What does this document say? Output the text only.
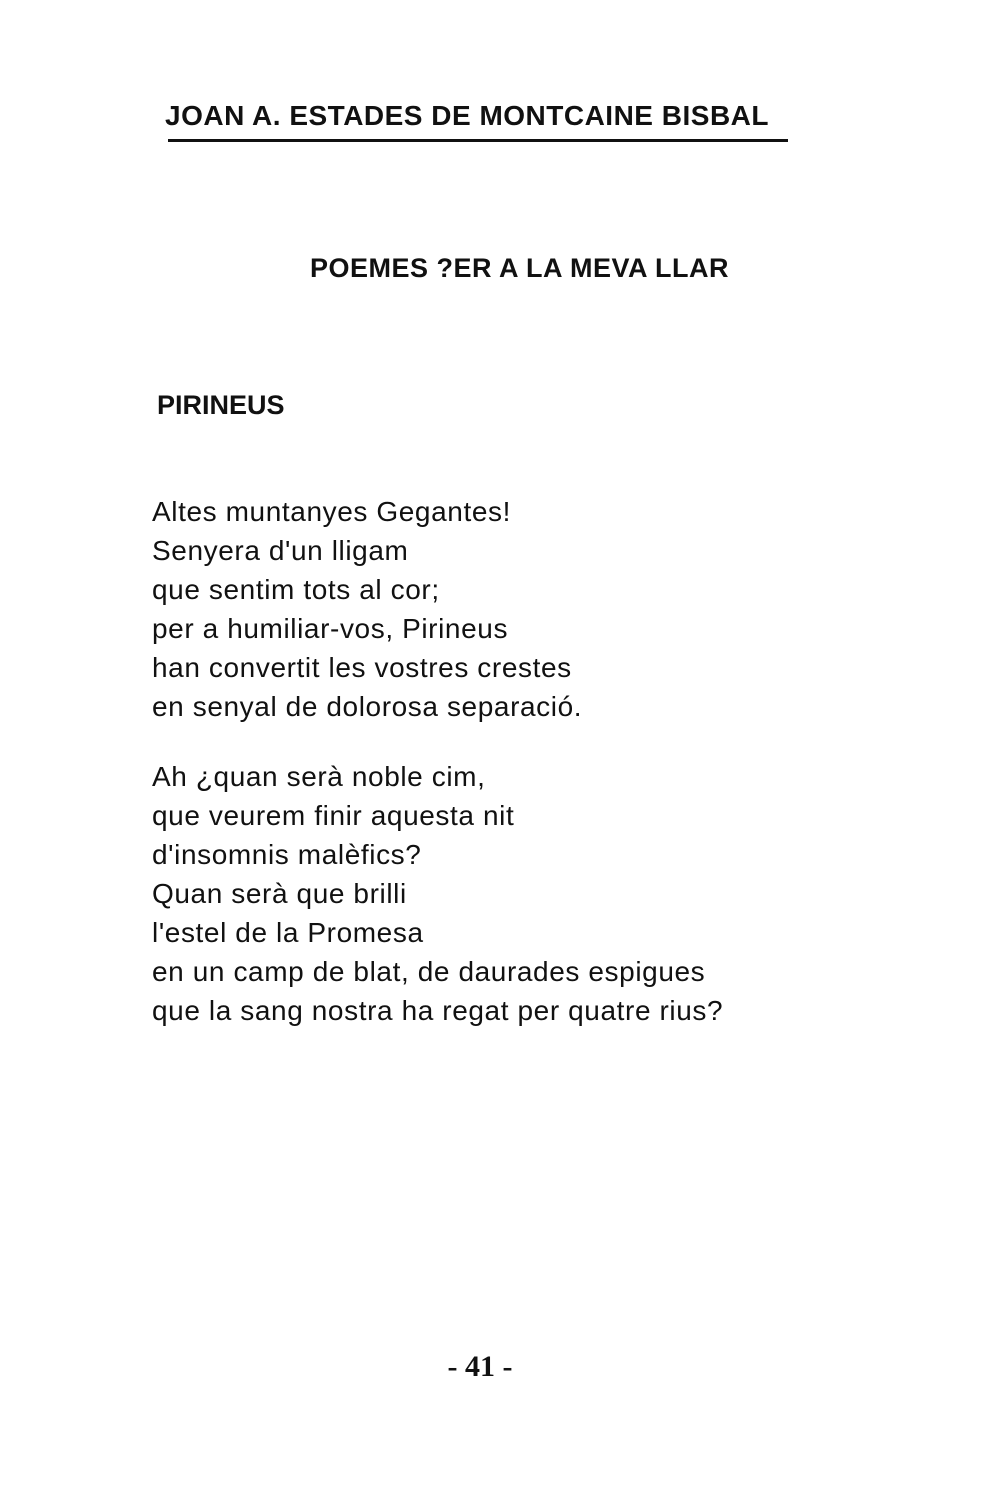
JOAN A. ESTADES DE MONTCAINE BISBAL
POEMES ?ER A LA MEVA LLAR
PIRINEUS
Altes muntanyes Gegantes!
Senyera d'un lligam
que sentim tots al cor;
per a humiliar-vos, Pirineus
han convertit les vostres crestes
en senyal de dolorosa separació.
Ah ¿quan serà noble cim,
que veurem finir aquesta nit
d'insomnis malèfics?
Quan serà que brilli
l'estel de la Promesa
en un camp de blat, de daurades espigues
que la sang nostra ha regat per quatre rius?
- 41 -
